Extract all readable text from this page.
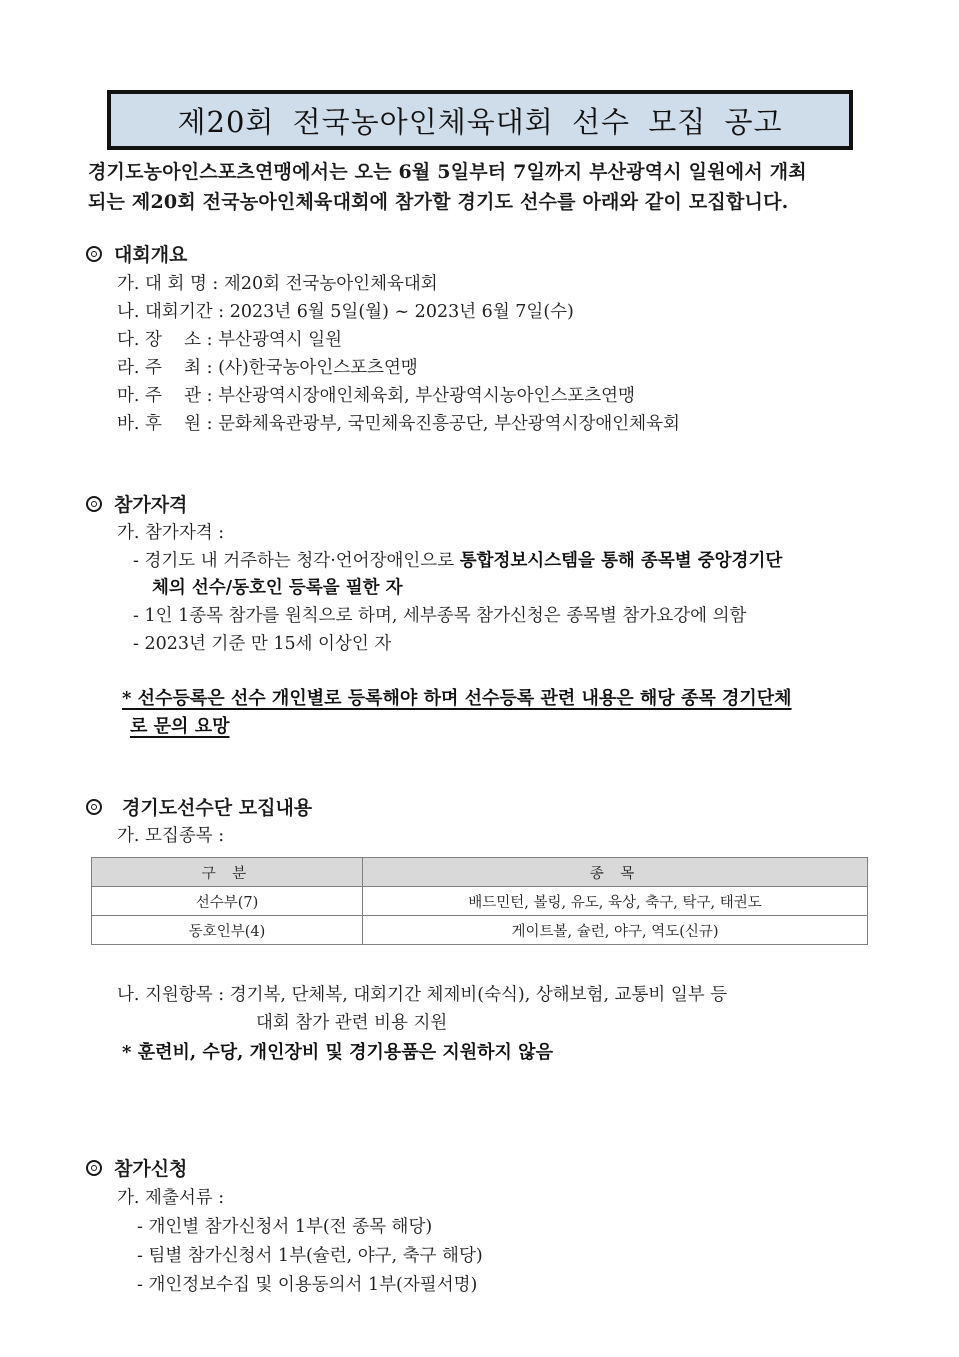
제20회 전국농아인체육대회 선수 모집 공고
경기도농아인스포츠연맹에서는 오는 6월 5일부터 7일까지 부산광역시 일원에서 개최
되는 제20회 전국농아인체육대회에 참가할 경기도 선수를 아래와 같이 모집합니다.
대회개요
가. 대 회 명 : 제20회 전국농아인체육대회
나. 대회기간 : 2023년 6월 5일(월) ~ 2023년 6월 7일(수)
다. 장    소 : 부산광역시 일원
라. 주    최 : (사)한국농아인스포츠연맹
마. 주    관 : 부산광역시장애인체육회, 부산광역시농아인스포츠연맹
바. 후    원 : 문화체육관광부, 국민체육진흥공단, 부산광역시장애인체육회
참가자격
가. 참가자격 :
- 경기도 내 거주하는 청각·언어장애인으로 통합정보시스템을 통해 종목별 중앙경기단
체의 선수/동호인 등록을 필한 자
- 1인 1종목 참가를 원칙으로 하며, 세부종목 참가신청은 종목별 참가요강에 의함
- 2023년 기준 만 15세 이상인 자
* 선수등록은 선수 개인별로 등록해야 하며 선수등록 관련 내용은 해당 종목 경기단체
로 문의 요망
경기도선수단 모집내용
가. 모집종목 :
구 분	종 목
선수부(7)	배드민턴, 볼링, 유도, 육상, 축구, 탁구, 태권도
동호인부(4)	게이트볼, 슐런, 야구, 역도(신규)
나. 지원항목 : 경기복, 단체복, 대회기간 체제비(숙식), 상해보험, 교통비 일부 등
대회 참가 관련 비용 지원
* 훈련비, 수당, 개인장비 및 경기용품은 지원하지 않음
참가신청
가. 제출서류 :
- 개인별 참가신청서 1부(전 종목 해당)
- 팀별 참가신청서 1부(슐런, 야구, 축구 해당)
- 개인정보수집 및 이용동의서 1부(자필서명)
